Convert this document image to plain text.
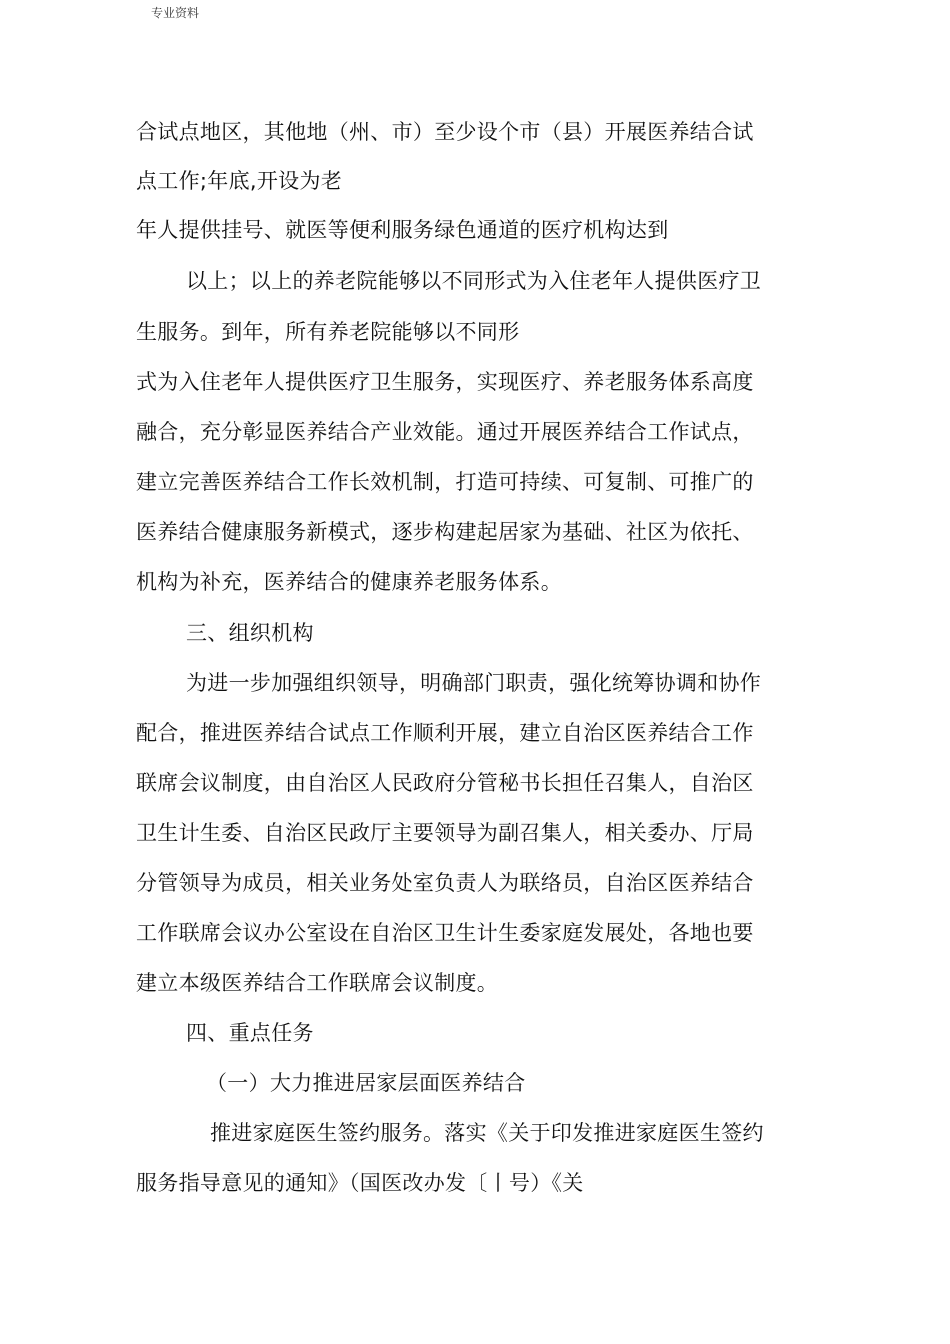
专业资料
合试点地区，其他地（州、市）至少设个市（县）开展医养结合试
点工作;年底,开设为老
年人提供挂号、就医等便利服务绿色通道的医疗机构达到
以上；以上的养老院能够以不同形式为入住老年人提供医疗卫
生服务。到年，所有养老院能够以不同形
式为入住老年人提供医疗卫生服务，实现医疗、养老服务体系高度
融合，充分彰显医养结合产业效能。通过开展医养结合工作试点，
建立完善医养结合工作长效机制，打造可持续、可复制、可推广的
医养结合健康服务新模式，逐步构建起居家为基础、社区为依托、
机构为补充，医养结合的健康养老服务体系。
三、组织机构
为进一步加强组织领导，明确部门职责，强化统筹协调和协作
配合，推进医养结合试点工作顺利开展，建立自治区医养结合工作
联席会议制度，由自治区人民政府分管秘书长担任召集人，自治区
卫生计生委、自治区民政厅主要领导为副召集人，相关委办、厅局
分管领导为成员，相关业务处室负责人为联络员，自治区医养结合
工作联席会议办公室设在自治区卫生计生委家庭发展处，各地也要
建立本级医养结合工作联席会议制度。
四、重点任务
（一）大力推进居家层面医养结合
推进家庭医生签约服务。落实《关于印发推进家庭医生签约
服务指导意见的通知》（国医改办发〔丨号）《关
